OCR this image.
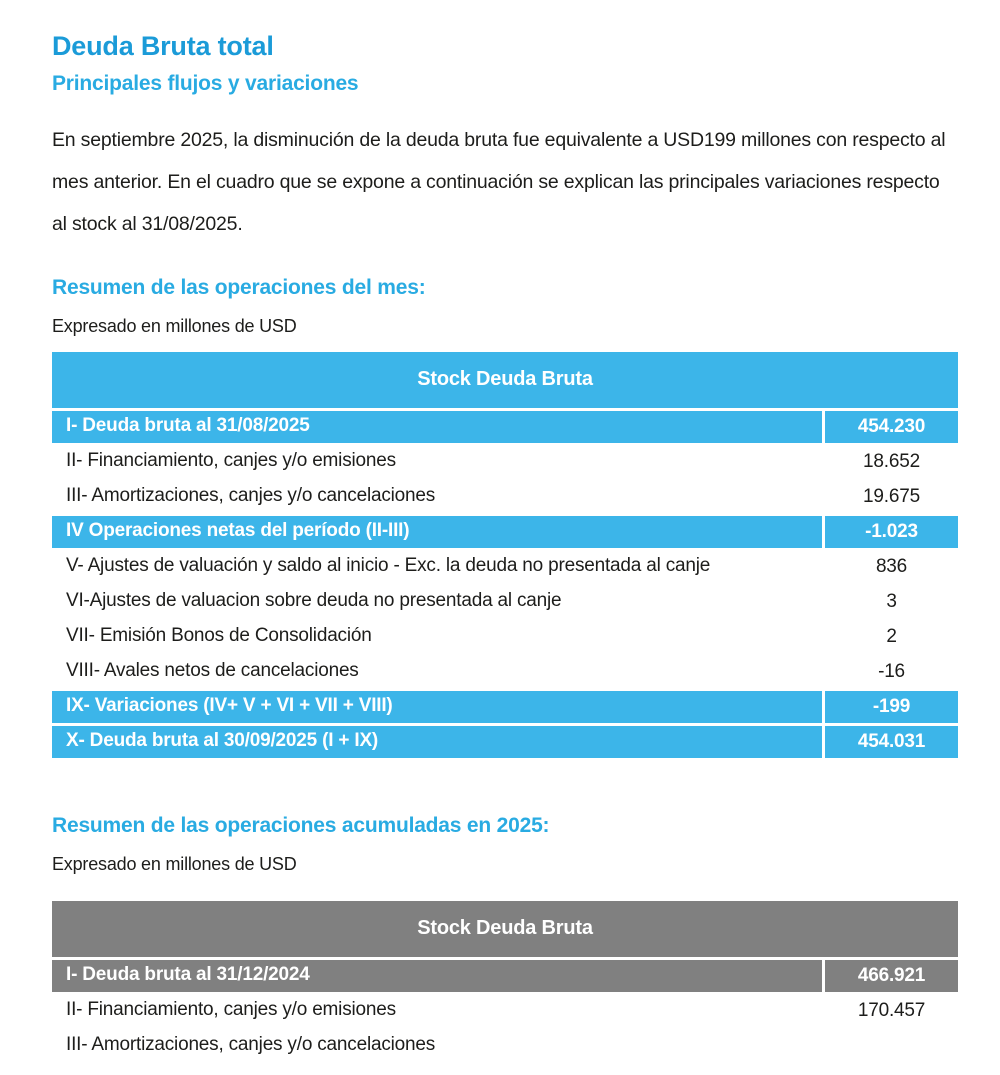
Deuda Bruta total
Principales flujos y variaciones

En septiembre 2025, la disminución de la deuda bruta fue equivalente a USD199 millones con respecto al mes anterior. En el cuadro que se expone a continuación se explican las principales variaciones respecto al stock al 31/08/2025.

Resumen de las operaciones del mes:

Expresado en millones de USD

Stock Deuda Bruta
I- Deuda bruta al 31/08/2025	454.230
II- Financiamiento, canjes y/o emisiones	18.652
III- Amortizaciones, canjes y/o cancelaciones	19.675
IV Operaciones netas del período (II-III)	-1.023
V- Ajustes de valuación y saldo al inicio - Exc. la deuda no presentada al canje	836
VI-Ajustes de valuacion sobre deuda no presentada al canje	3
VII- Emisión Bonos de Consolidación	2
VIII- Avales netos de cancelaciones	-16
IX- Variaciones (IV+ V + VI + VII + VIII)	-199
X- Deuda bruta al 30/09/2025 (I + IX)	454.031
Resumen de las operaciones acumuladas en 2025:

Expresado en millones de USD

Stock Deuda Bruta
I- Deuda bruta al 31/12/2024	466.921
II- Financiamiento, canjes y/o emisiones	170.457
III- Amortizaciones, canjes y/o cancelaciones
